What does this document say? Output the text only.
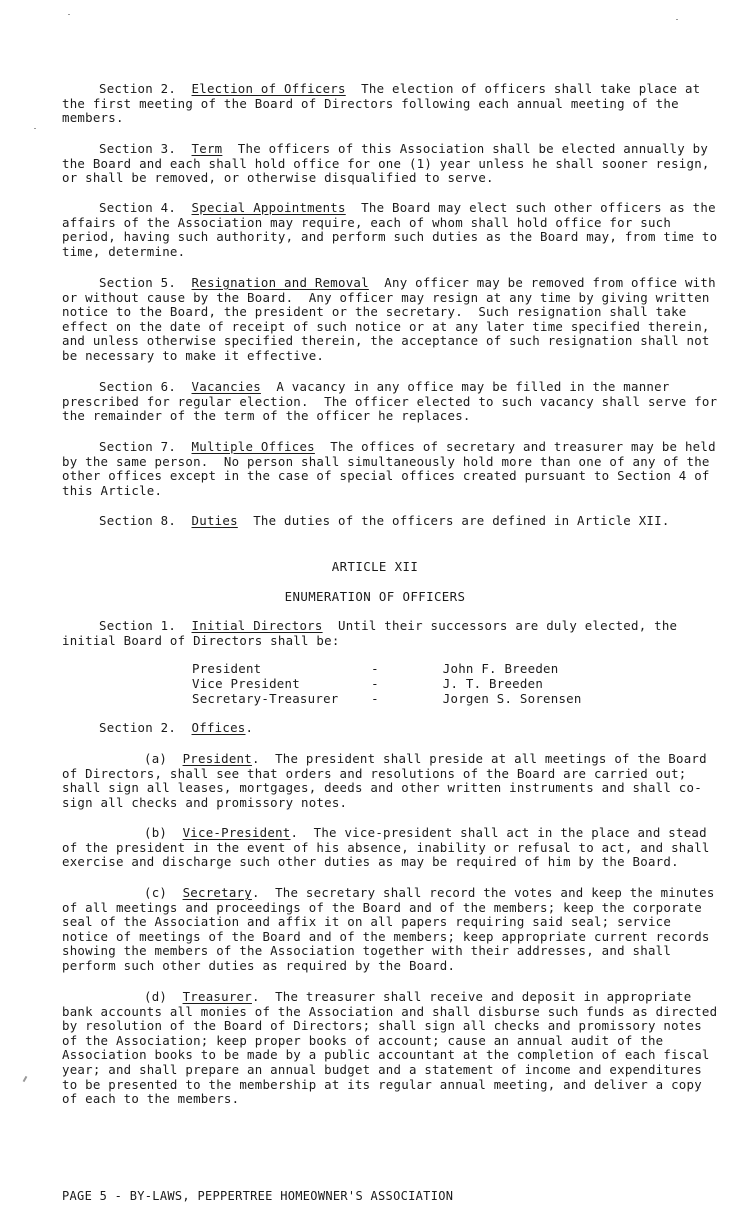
Section 2. Election of Officers  The election of officers shall take place at the first meeting of the Board of Directors following each annual meeting of the members.

Section 3. Term  The officers of this Association shall be elected annually by the Board and each shall hold office for one (1) year unless he shall sooner resign, or shall be removed, or otherwise disqualified to serve.

Section 4. Special Appointments  The Board may elect such other officers as the affairs of the Association may require, each of whom shall hold office for such period, having such authority, and perform such duties as the Board may, from time to time, determine.

Section 5. Resignation and Removal  Any officer may be removed from office with or without cause by the Board.  Any officer may resign at any time by giving written notice to the Board, the president or the secretary.  Such resignation shall take effect on the date of receipt of such notice or at any later time specified therein, and unless otherwise specified therein, the acceptance of such resignation shall not be necessary to make it effective.

Section 6. Vacancies  A vacancy in any office may be filled in the manner prescribed for regular election.  The officer elected to such vacancy shall serve for the remainder of the term of the officer he replaces.

Section 7. Multiple Offices  The offices of secretary and treasurer may be held by the same person.  No person shall simultaneously hold more than one of any of the other offices except in the case of special offices created pursuant to Section 4 of this Article.

Section 8. Duties  The duties of the officers are defined in Article XII.

ARTICLE XII

ENUMERATION OF OFFICERS

Section 1. Initial Directors  Until their successors are duly elected, the initial Board of Directors shall be:

President	-	John F. Breeden
Vice President	-	J. T. Breeden
Secretary-Treasurer	-	Jorgen S. Sorensen

Section 2. Offices.

(a) President.  The president shall preside at all meetings of the Board of Directors, shall see that orders and resolutions of the Board are carried out; shall sign all leases, mortgages, deeds and other written instruments and shall co-sign all checks and promissory notes.

(b) Vice-President.  The vice-president shall act in the place and stead of the president in the event of his absence, inability or refusal to act, and shall exercise and discharge such other duties as may be required of him by the Board.

(c) Secretary.  The secretary shall record the votes and keep the minutes of all meetings and proceedings of the Board and of the members; keep the corporate seal of the Association and affix it on all papers requiring said seal; service notice of meetings of the Board and of the members; keep appropriate current records showing the members of the Association together with their addresses, and shall perform such other duties as required by the Board.

(d) Treasurer.  The treasurer shall receive and deposit in appropriate bank accounts all monies of the Association and shall disburse such funds as directed by resolution of the Board of Directors; shall sign all checks and promissory notes of the Association; keep proper books of account; cause an annual audit of the Association books to be made by a public accountant at the completion of each fiscal year; and shall prepare an annual budget and a statement of income and expenditures to be presented to the membership at its regular annual meeting, and deliver a copy of each to the members.

PAGE 5 - BY-LAWS, PEPPERTREE HOMEOWNER'S ASSOCIATION
